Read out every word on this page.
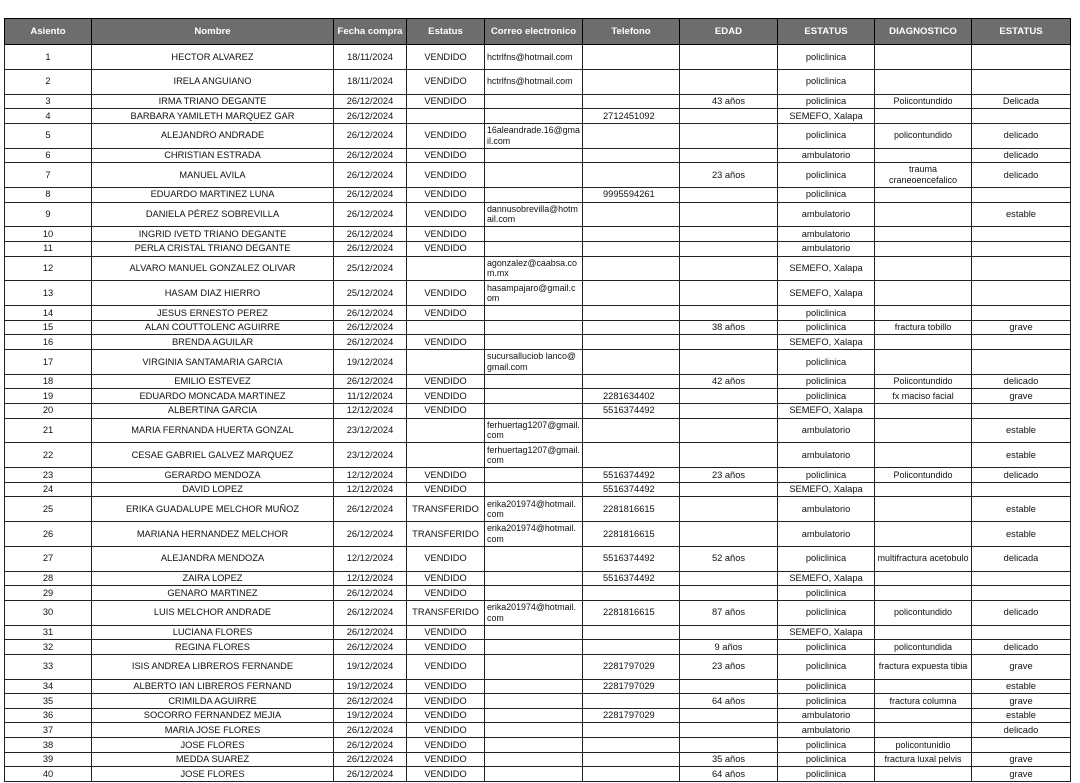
Asiento	Nombre	Fecha compra	Estatus	Correo electronico	Telefono	EDAD	ESTATUS	DIAGNOSTICO	ESTATUS
1	HECTOR ALVAREZ	18/11/2024	VENDIDO	hctrlfns@hotmail.com			policlinica		
2	IRELA ANGUIANO	18/11/2024	VENDIDO	hctrlfns@hotmail.com			policlinica		
3	IRMA TRIANO DEGANTE	26/12/2024	VENDIDO			43 años	policlinica	Policontundido	Delicada
4	BARBARA YAMILETH MARQUEZ GAR	26/12/2024			2712451092		SEMEFO, Xalapa		
5	ALEJANDRO ANDRADE	26/12/2024	VENDIDO	16aleandrade.16@gmail.com			policlinica	policontundido	delicado
6	CHRISTIAN ESTRADA	26/12/2024	VENDIDO				ambulatorio		delicado
7	MANUEL AVILA	26/12/2024	VENDIDO			23 años	policlinica	trauma craneoencefalico	delicado
8	EDUARDO MARTINEZ LUNA	26/12/2024	VENDIDO		9995594261		policlinica		
9	DANIELA PÉREZ SOBREVILLA	26/12/2024	VENDIDO	dannusobrevilla@hotmail.com			ambulatorio		estable
10	INGRID IVETD TRIANO DEGANTE	26/12/2024	VENDIDO				ambulatorio		
11	PERLA CRISTAL TRIANO DEGANTE	26/12/2024	VENDIDO				ambulatorio		
12	ALVARO MANUEL GONZALEZ OLIVAR	25/12/2024		agonzalez@caabsa.com.mx			SEMEFO, Xalapa		
13	HASAM DIAZ HIERRO	25/12/2024	VENDIDO	hasampajaro@gmail.com			SEMEFO, Xalapa		
14	JESUS ERNESTO PEREZ	26/12/2024	VENDIDO				policlinica		
15	ALAN COUTTOLENC AGUIRRE	26/12/2024				38 años	policlinica	fractura tobillo	grave
16	BRENDA AGUILAR	26/12/2024	VENDIDO				SEMEFO, Xalapa		
17	VIRGINIA SANTAMARIA GARCIA	19/12/2024		sucursalluciob lanco@gmail.com			policlinica		
18	EMILIO ESTEVEZ	26/12/2024	VENDIDO			42 años	policlinica	Policontundido	delicado
19	EDUARDO MONCADA MARTINEZ	11/12/2024	VENDIDO		2281634402		policlinica	fx maciso facial	grave
20	ALBERTINA GARCIA	12/12/2024	VENDIDO		5516374492		SEMEFO, Xalapa		
21	MARIA FERNANDA HUERTA GONZAL	23/12/2024		ferhuertag1207@gmail.com			ambulatorio		estable
22	CESAE GABRIEL GALVEZ MARQUEZ	23/12/2024		ferhuertag1207@gmail.com			ambulatorio		estable
23	GERARDO MENDOZA	12/12/2024	VENDIDO		5516374492	23 años	policlinica	Policontundido	delicado
24	DAVID LOPEZ	12/12/2024	VENDIDO		5516374492		SEMEFO, Xalapa		
25	ERIKA GUADALUPE MELCHOR MUÑOZ	26/12/2024	TRANSFERIDO	erika201974@hotmail.com	2281816615		ambulatorio		estable
26	MARIANA HERNANDEZ MELCHOR	26/12/2024	TRANSFERIDO	erika201974@hotmail.com	2281816615		ambulatorio		estable
27	ALEJANDRA MENDOZA	12/12/2024	VENDIDO		5516374492	52 años	policlinica	multifractura acetobulo	delicada
28	ZAIRA LOPEZ	12/12/2024	VENDIDO		5516374492		SEMEFO, Xalapa		
29	GENARO MARTINEZ	26/12/2024	VENDIDO				policlinica		
30	LUIS MELCHOR ANDRADE	26/12/2024	TRANSFERIDO	erika201974@hotmail.com	2281816615	87 años	policlinica	policontundido	delicado
31	LUCIANA FLORES	26/12/2024	VENDIDO				SEMEFO, Xalapa		
32	REGINA FLORES	26/12/2024	VENDIDO			9 años	policlinica	policontundida	delicado
33	ISIS ANDREA LIBREROS FERNANDE	19/12/2024	VENDIDO		2281797029	23 años	policlinica	fractura expuesta tibia	grave
34	ALBERTO IAN LIBREROS FERNAND	19/12/2024	VENDIDO		2281797029		policlinica		estable
35	CRIMILDA AGUIRRE	26/12/2024	VENDIDO			64 años	policlinica	fractura columna	grave
36	SOCORRO FERNANDEZ MEJIA	19/12/2024	VENDIDO		2281797029		ambulatorio		estable
37	MARIA JOSE FLORES	26/12/2024	VENDIDO				ambulatorio		delicado
38	JOSE FLORES	26/12/2024	VENDIDO				policlinica	policontunidio	
39	MEDDA SUAREZ	26/12/2024	VENDIDO			35 años	policlinica	fractura luxal pelvis	grave
40	JOSE FLORES	26/12/2024	VENDIDO			64 años	policlinica		grave
